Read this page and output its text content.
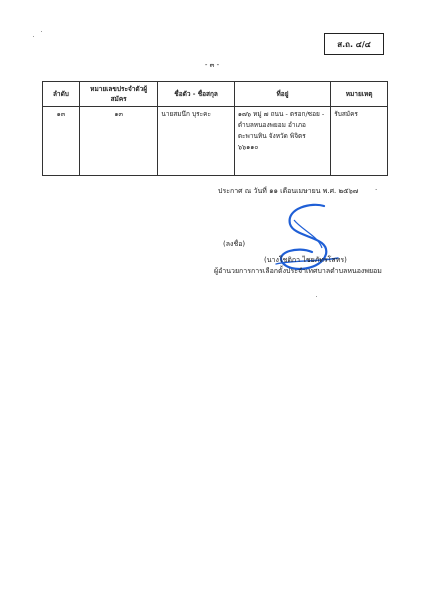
ส.ถ. ๔/๔
- ๓ -
ลำดับ	หมายเลขประจำตัวผู้สมัคร	ชื่อตัว - ชื่อสกุล	ที่อยู่	หมายเหตุ
๑๓	๑๓	นายสมนึก บุระคะ	๑๗๖ หมู่ ๗ ถนน - ตรอก/ซอย - ตำบลหนองพยอม อำเภอตะพานหิน จังหวัด พิจิตร ๖๖๑๑๐	รับสมัคร
ประกาศ ณ วันที่ ๑๑ เดือนเมษายน พ.ศ. ๒๕๖๗ ·
(ลงชื่อ)
(นางโชติกา ไชยภัทรโสทร)
ผู้อำนวยการการเลือกตั้งประจำเทศบาลตำบลหนองพยอม
